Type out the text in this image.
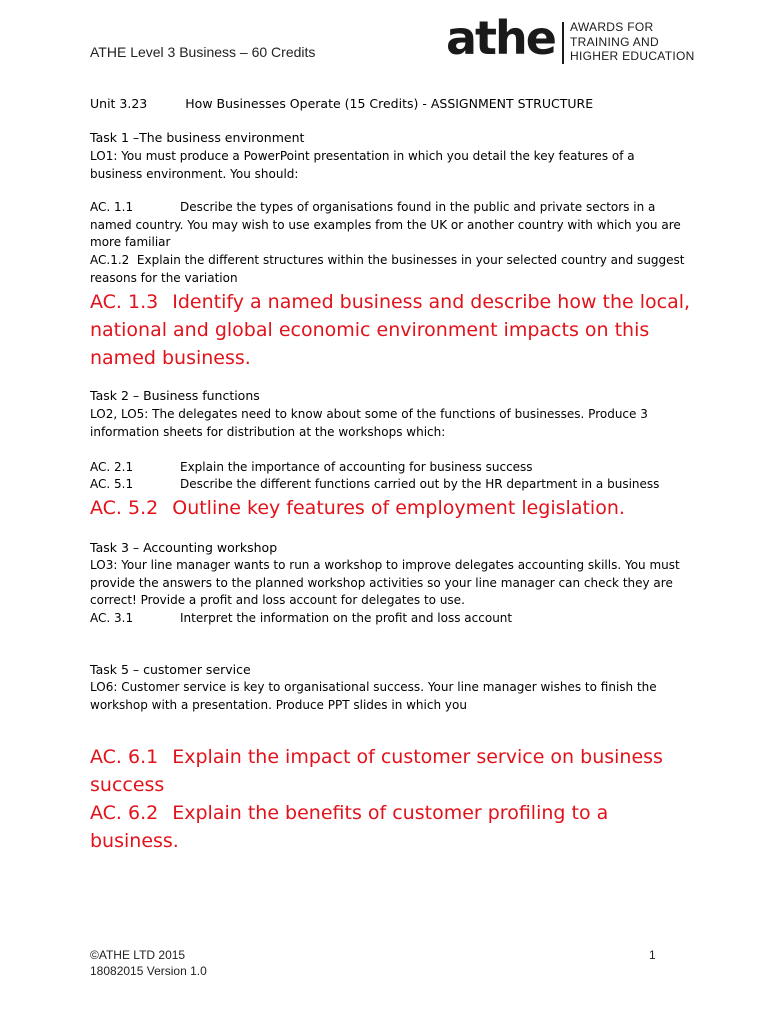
ATHE Level 3 Business – 60 Credits	athe AWARDS FOR
TRAINING AND
HIGHER EDUCATION
Unit 3.23	How Businesses Operate (15 Credits) - ASSIGNMENT STRUCTURE
Task 1 –The business environment
LO1: You must produce a PowerPoint presentation in which you detail the key features of a business environment. You should:
AC. 1.1	Describe the types of organisations found in the public and private sectors in a named country. You may wish to use examples from the UK or another country with which you are more familiar
AC.1.2 Explain the different structures within the businesses in your selected country and suggest reasons for the variation
AC. 1.3 Identify a named business and describe how the local, national and global economic environment impacts on this named business.
Task 2 – Business functions
LO2, LO5: The delegates need to know about some of the functions of businesses. Produce 3 information sheets for distribution at the workshops which:
AC. 2.1	Explain the importance of accounting for business success
AC. 5.1	Describe the different functions carried out by the HR department in a business
AC. 5.2 Outline key features of employment legislation.
Task 3 – Accounting workshop
LO3: Your line manager wants to run a workshop to improve delegates accounting skills. You must provide the answers to the planned workshop activities so your line manager can check they are correct! Provide a profit and loss account for delegates to use.
AC. 3.1	Interpret the information on the profit and loss account
Task 5 – customer service
LO6: Customer service is key to organisational success. Your line manager wishes to finish the workshop with a presentation. Produce PPT slides in which you
AC. 6.1 Explain the impact of customer service on business success
AC. 6.2 Explain the benefits of customer profiling to a business.
©ATHE LTD 2015
18082015 Version 1.0
1
